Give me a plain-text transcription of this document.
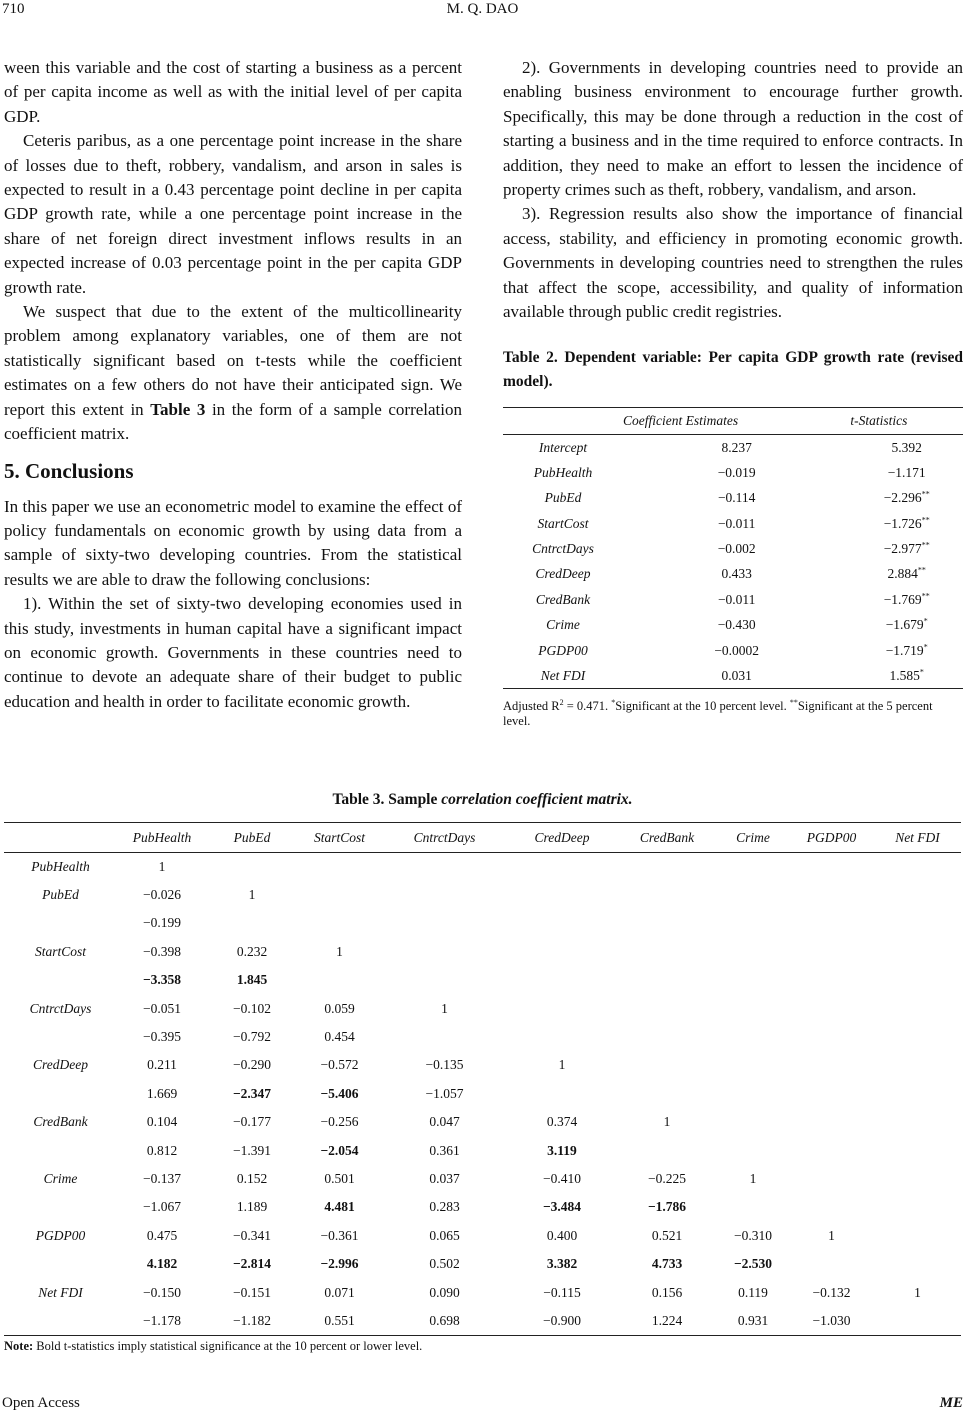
710	M. Q. DAO

ween this variable and the cost of starting a business as a percent of per capita income as well as with the initial level of per capita GDP.

Ceteris paribus, as a one percentage point increase in the share of losses due to theft, robbery, vandalism, and arson in sales is expected to result in a 0.43 percentage point decline in per capita GDP growth rate, while a one percentage point increase in the share of net foreign direct investment inflows results in an expected increase of 0.03 percentage point in the per capita GDP growth rate.

We suspect that due to the extent of the multicollinearity problem among explanatory variables, one of them are not statistically significant based on t-tests while the coefficient estimates on a few others do not have their anticipated sign. We report this extent in Table 3 in the form of a sample correlation coefficient matrix.

5. Conclusions

In this paper we use an econometric model to examine the effect of policy fundamentals on economic growth by using data from a sample of sixty-two developing countries. From the statistical results we are able to draw the following conclusions:

1). Within the set of sixty-two developing economies used in this study, investments in human capital have a significant impact on economic growth. Governments in these countries need to continue to devote an adequate share of their budget to public education and health in order to facilitate economic growth.

2). Governments in developing countries need to provide an enabling business environment to encourage further growth. Specifically, this may be done through a reduction in the cost of starting a business and in the time required to enforce contracts. In addition, they need to make an effort to lessen the incidence of property crimes such as theft, robbery, vandalism, and arson.

3). Regression results also show the importance of financial access, stability, and efficiency in promoting economic growth. Governments in developing countries need to strengthen the rules that affect the scope, accessibility, and quality of information available through public credit registries.

Table 2. Dependent variable: Per capita GDP growth rate (revised model).
	Coefficient Estimates	t-Statistics
Intercept	8.237	5.392
PubHealth	−0.019	−1.171
PubEd	−0.114	−2.296**
StartCost	−0.011	−1.726**
CntrctDays	−0.002	−2.977**
CredDeep	0.433	2.884**
CredBank	−0.011	−1.769**
Crime	−0.430	−1.679*
PGDP00	−0.0002	−1.719*
Net FDI	0.031	1.585*
Adjusted $R^2 = 0.471$. *Significant at the 10 percent level. **Significant at the 5 percent level.
Table 3. Sample correlation coefficient matrix.
	PubHealth	PubEd	StartCost	CntrctDays	CredDeep	CredBank	Crime	PGDP00	Net FDI
PubHealth	1								
PubEd	−0.026	1							
	−0.199								
StartCost	−0.398	0.232	1						
	−3.358	1.845							
CntrctDays	−0.051	−0.102	0.059	1					
	−0.395	−0.792	0.454						
CredDeep	0.211	−0.290	−0.572	−0.135	1				
	1.669	−2.347	−5.406	−1.057					
CredBank	0.104	−0.177	−0.256	0.047	0.374	1			
	0.812	−1.391	−2.054	0.361	3.119				
Crime	−0.137	0.152	0.501	0.037	−0.410	−0.225	1		
	−1.067	1.189	4.481	0.283	−3.484	−1.786			
PGDP00	0.475	−0.341	−0.361	0.065	0.400	0.521	−0.310	1	
	4.182	−2.814	−2.996	0.502	3.382	4.733	−2.530		
Net FDI	−0.150	−0.151	0.071	0.090	−0.115	0.156	0.119	−0.132	1
	−1.178	−1.182	0.551	0.698	−0.900	1.224	0.931	−1.030	
Note: Bold t-statistics imply statistical significance at the 10 percent or lower level.
Open Access	ME
